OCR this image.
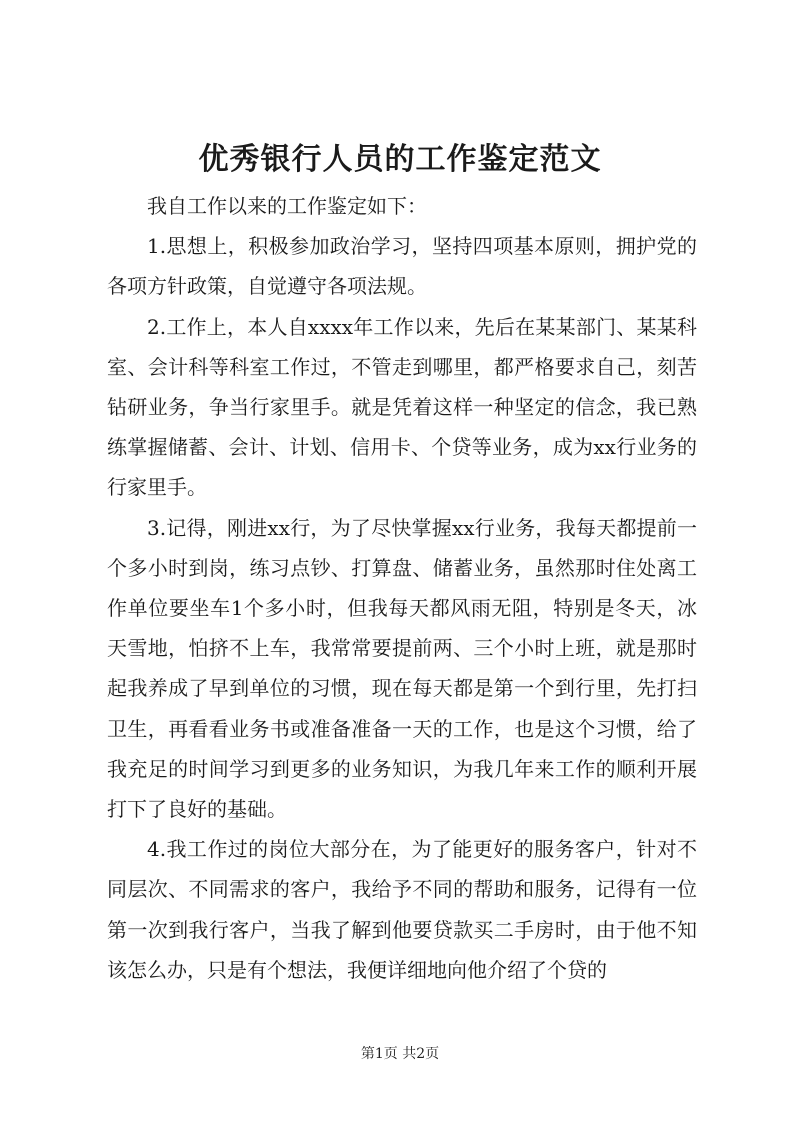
优秀银行人员的工作鉴定范文

我自工作以来的工作鉴定如下：

1.思想上，积极参加政治学习，坚持四项基本原则，拥护党的各项方针政策，自觉遵守各项法规。

2.工作上，本人自xxxx年工作以来，先后在某某部门、某某科室、会计科等科室工作过，不管走到哪里，都严格要求自己，刻苦钻研业务，争当行家里手。就是凭着这样一种坚定的信念，我已熟练掌握储蓄、会计、计划、信用卡、个贷等业务，成为xx行业务的行家里手。

3.记得，刚进xx行，为了尽快掌握xx行业务，我每天都提前一个多小时到岗，练习点钞、打算盘、储蓄业务，虽然那时住处离工作单位要坐车1个多小时，但我每天都风雨无阻，特别是冬天，冰天雪地，怕挤不上车，我常常要提前两、三个小时上班，就是那时起我养成了早到单位的习惯，现在每天都是第一个到行里，先打扫卫生，再看看业务书或准备准备一天的工作，也是这个习惯，给了我充足的时间学习到更多的业务知识，为我几年来工作的顺利开展打下了良好的基础。

4.我工作过的岗位大部分在，为了能更好的服务客户，针对不同层次、不同需求的客户，我给予不同的帮助和服务，记得有一位第一次到我行客户，当我了解到他要贷款买二手房时，由于他不知该怎么办，只是有个想法，我便详细地向他介绍了个贷的

第1页 共2页
